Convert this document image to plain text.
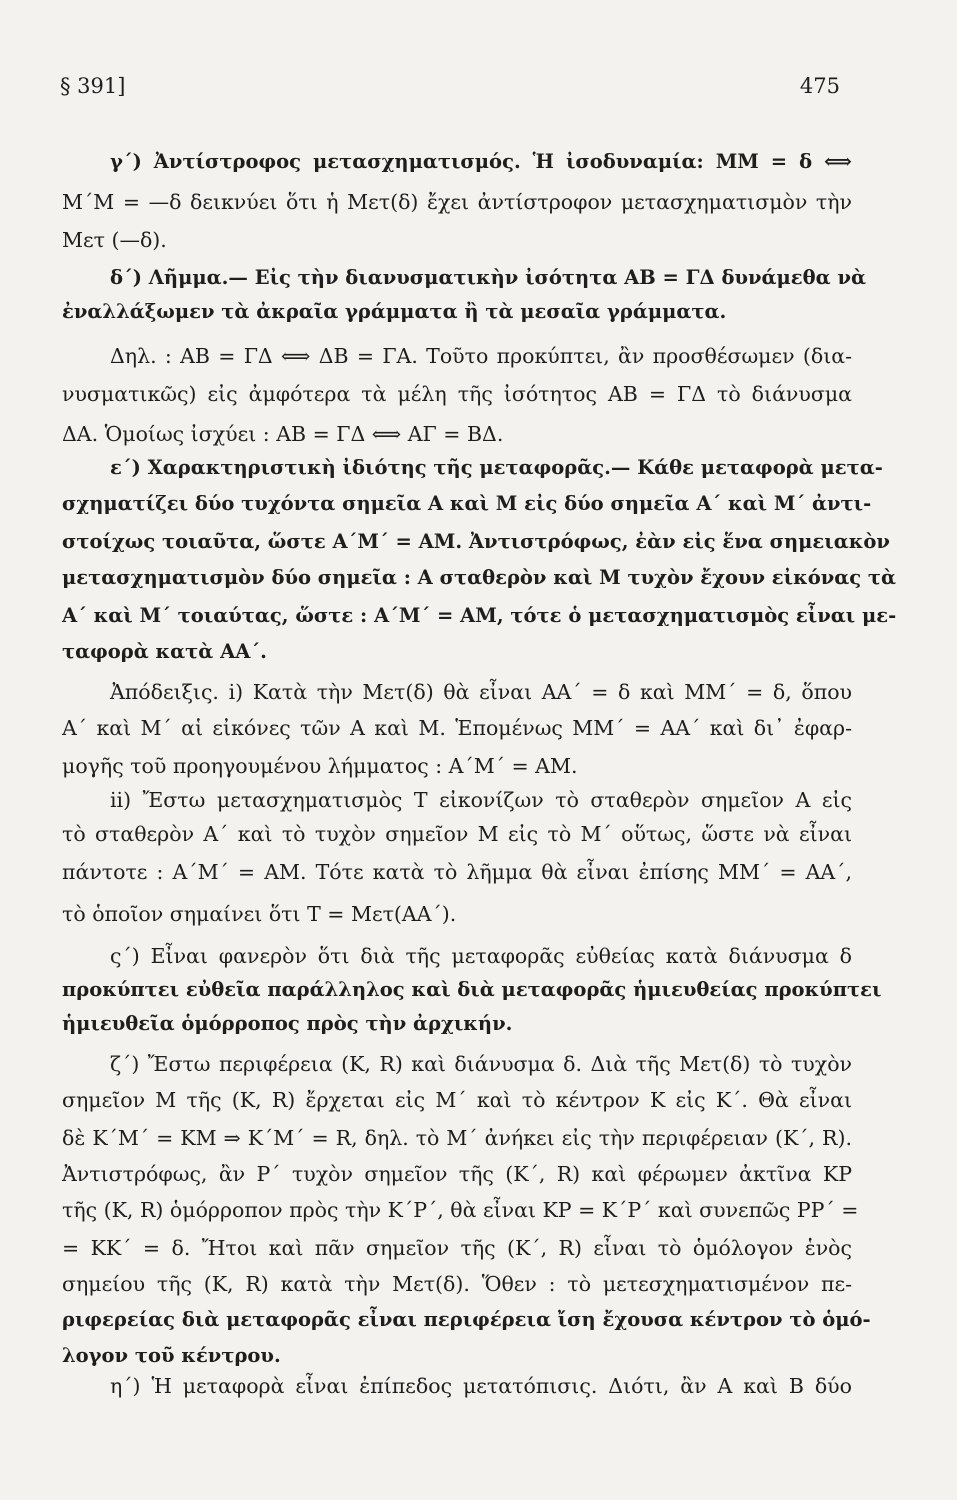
§ 391]	475
γ΄) Ἀντίστροφος μετασχηματισμός. Ἡ ἰσοδυναμία: ΜΜ = δ ⟺
Μ΄Μ = —δ δεικνύει ὅτι ἡ Μετ(δ) ἔχει ἀντίστροφον μετασχηματισμὸν τὴν
Μετ (—δ).
δ΄) Λῆμμα.— Εἰς τὴν διανυσματικὴν ἰσότητα ΑΒ = ΓΔ δυνάμεθα νὰ
ἐναλλάξωμεν τὰ ἀκραῖα γράμματα ἢ τὰ μεσαῖα γράμματα.
Δηλ. : ΑΒ = ΓΔ ⟺ ΔΒ = ΓΑ. Τοῦτο προκύπτει, ἂν προσθέσωμεν (δια-
νυσματικῶς) εἰς ἀμφότερα τὰ μέλη τῆς ἰσότητος ΑΒ = ΓΔ τὸ διάνυσμα
ΔΑ. Ὁμοίως ἰσχύει : ΑΒ = ΓΔ ⟺ ΑΓ = ΒΔ.
ε΄) Χαρακτηριστικὴ ἰδιότης τῆς μεταφορᾶς.— Κάθε μεταφορὰ μετα-
σχηματίζει δύο τυχόντα σημεῖα Α καὶ Μ εἰς δύο σημεῖα Α΄ καὶ Μ΄ ἀντι-
στοίχως τοιαῦτα, ὥστε Α΄Μ΄ = ΑΜ. Ἀντιστρόφως, ἐὰν εἰς ἕνα σημειακὸν
μετασχηματισμὸν δύο σημεῖα : Α σταθερὸν καὶ Μ τυχὸν ἔχουν εἰκόνας τὰ
Α΄ καὶ Μ΄ τοιαύτας, ὥστε : Α΄Μ΄ = ΑΜ, τότε ὁ μετασχηματισμὸς εἶναι με-
ταφορὰ κατὰ ΑΑ΄.
Ἀπόδειξις. i) Κατὰ τὴν Μετ(δ) θὰ εἶναι ΑΑ΄ = δ καὶ ΜΜ΄ = δ, ὅπου
Α΄ καὶ Μ΄ αἱ εἰκόνες τῶν Α καὶ Μ. Ἑπομένως ΜΜ΄ = ΑΑ΄ καὶ δι᾽ ἐφαρ-
μογῆς τοῦ προηγουμένου λήμματος : Α΄Μ΄ = ΑΜ.
ii) Ἔστω μετασχηματισμὸς Τ εἰκονίζων τὸ σταθερὸν σημεῖον Α εἰς
τὸ σταθερὸν Α΄ καὶ τὸ τυχὸν σημεῖον Μ εἰς τὸ Μ΄ οὕτως, ὥστε νὰ εἶναι
πάντοτε : Α΄Μ΄ = ΑΜ. Τότε κατὰ τὸ λῆμμα θὰ εἶναι ἐπίσης ΜΜ΄ = ΑΑ΄,
τὸ ὁποῖον σημαίνει ὅτι Τ = Μετ(ΑΑ΄).
ς΄) Εἶναι φανερὸν ὅτι διὰ τῆς μεταφορᾶς εὐθείας κατὰ διάνυσμα δ
προκύπτει εὐθεῖα παράλληλος καὶ διὰ μεταφορᾶς ἡμιευθείας προκύπτει
ἡμιευθεῖα ὁμόρροπος πρὸς τὴν ἀρχικήν.
ζ΄) Ἔστω περιφέρεια (Κ, R) καὶ διάνυσμα δ. Διὰ τῆς Μετ(δ) τὸ τυχὸν
σημεῖον Μ τῆς (Κ, R) ἔρχεται εἰς Μ΄ καὶ τὸ κέντρον Κ εἰς Κ΄. Θὰ εἶναι
δὲ Κ΄Μ΄ = ΚΜ ⇒ Κ΄Μ΄ = R, δηλ. τὸ Μ΄ ἀνήκει εἰς τὴν περιφέρειαν (Κ΄, R).
Ἀντιστρόφως, ἂν Ρ΄ τυχὸν σημεῖον τῆς (Κ΄, R) καὶ φέρωμεν ἀκτῖνα ΚΡ
τῆς (Κ, R) ὁμόρροπον πρὸς τὴν Κ΄Ρ΄, θὰ εἶναι ΚΡ = Κ΄Ρ΄ καὶ συνεπῶς ΡΡ΄ =
= ΚΚ΄ = δ. Ἤτοι καὶ πᾶν σημεῖον τῆς (Κ΄, R) εἶναι τὸ ὁμόλογον ἑνὸς
σημείου τῆς (Κ, R) κατὰ τὴν Μετ(δ). Ὅθεν : τὸ μετεσχηματισμένον πε-
ριφερείας διὰ μεταφορᾶς εἶναι περιφέρεια ἴση ἔχουσα κέντρον τὸ ὁμό-
λογον τοῦ κέντρου.
η΄) Ἡ μεταφορὰ εἶναι ἐπίπεδος μετατόπισις. Διότι, ἂν Α καὶ Β δύο
